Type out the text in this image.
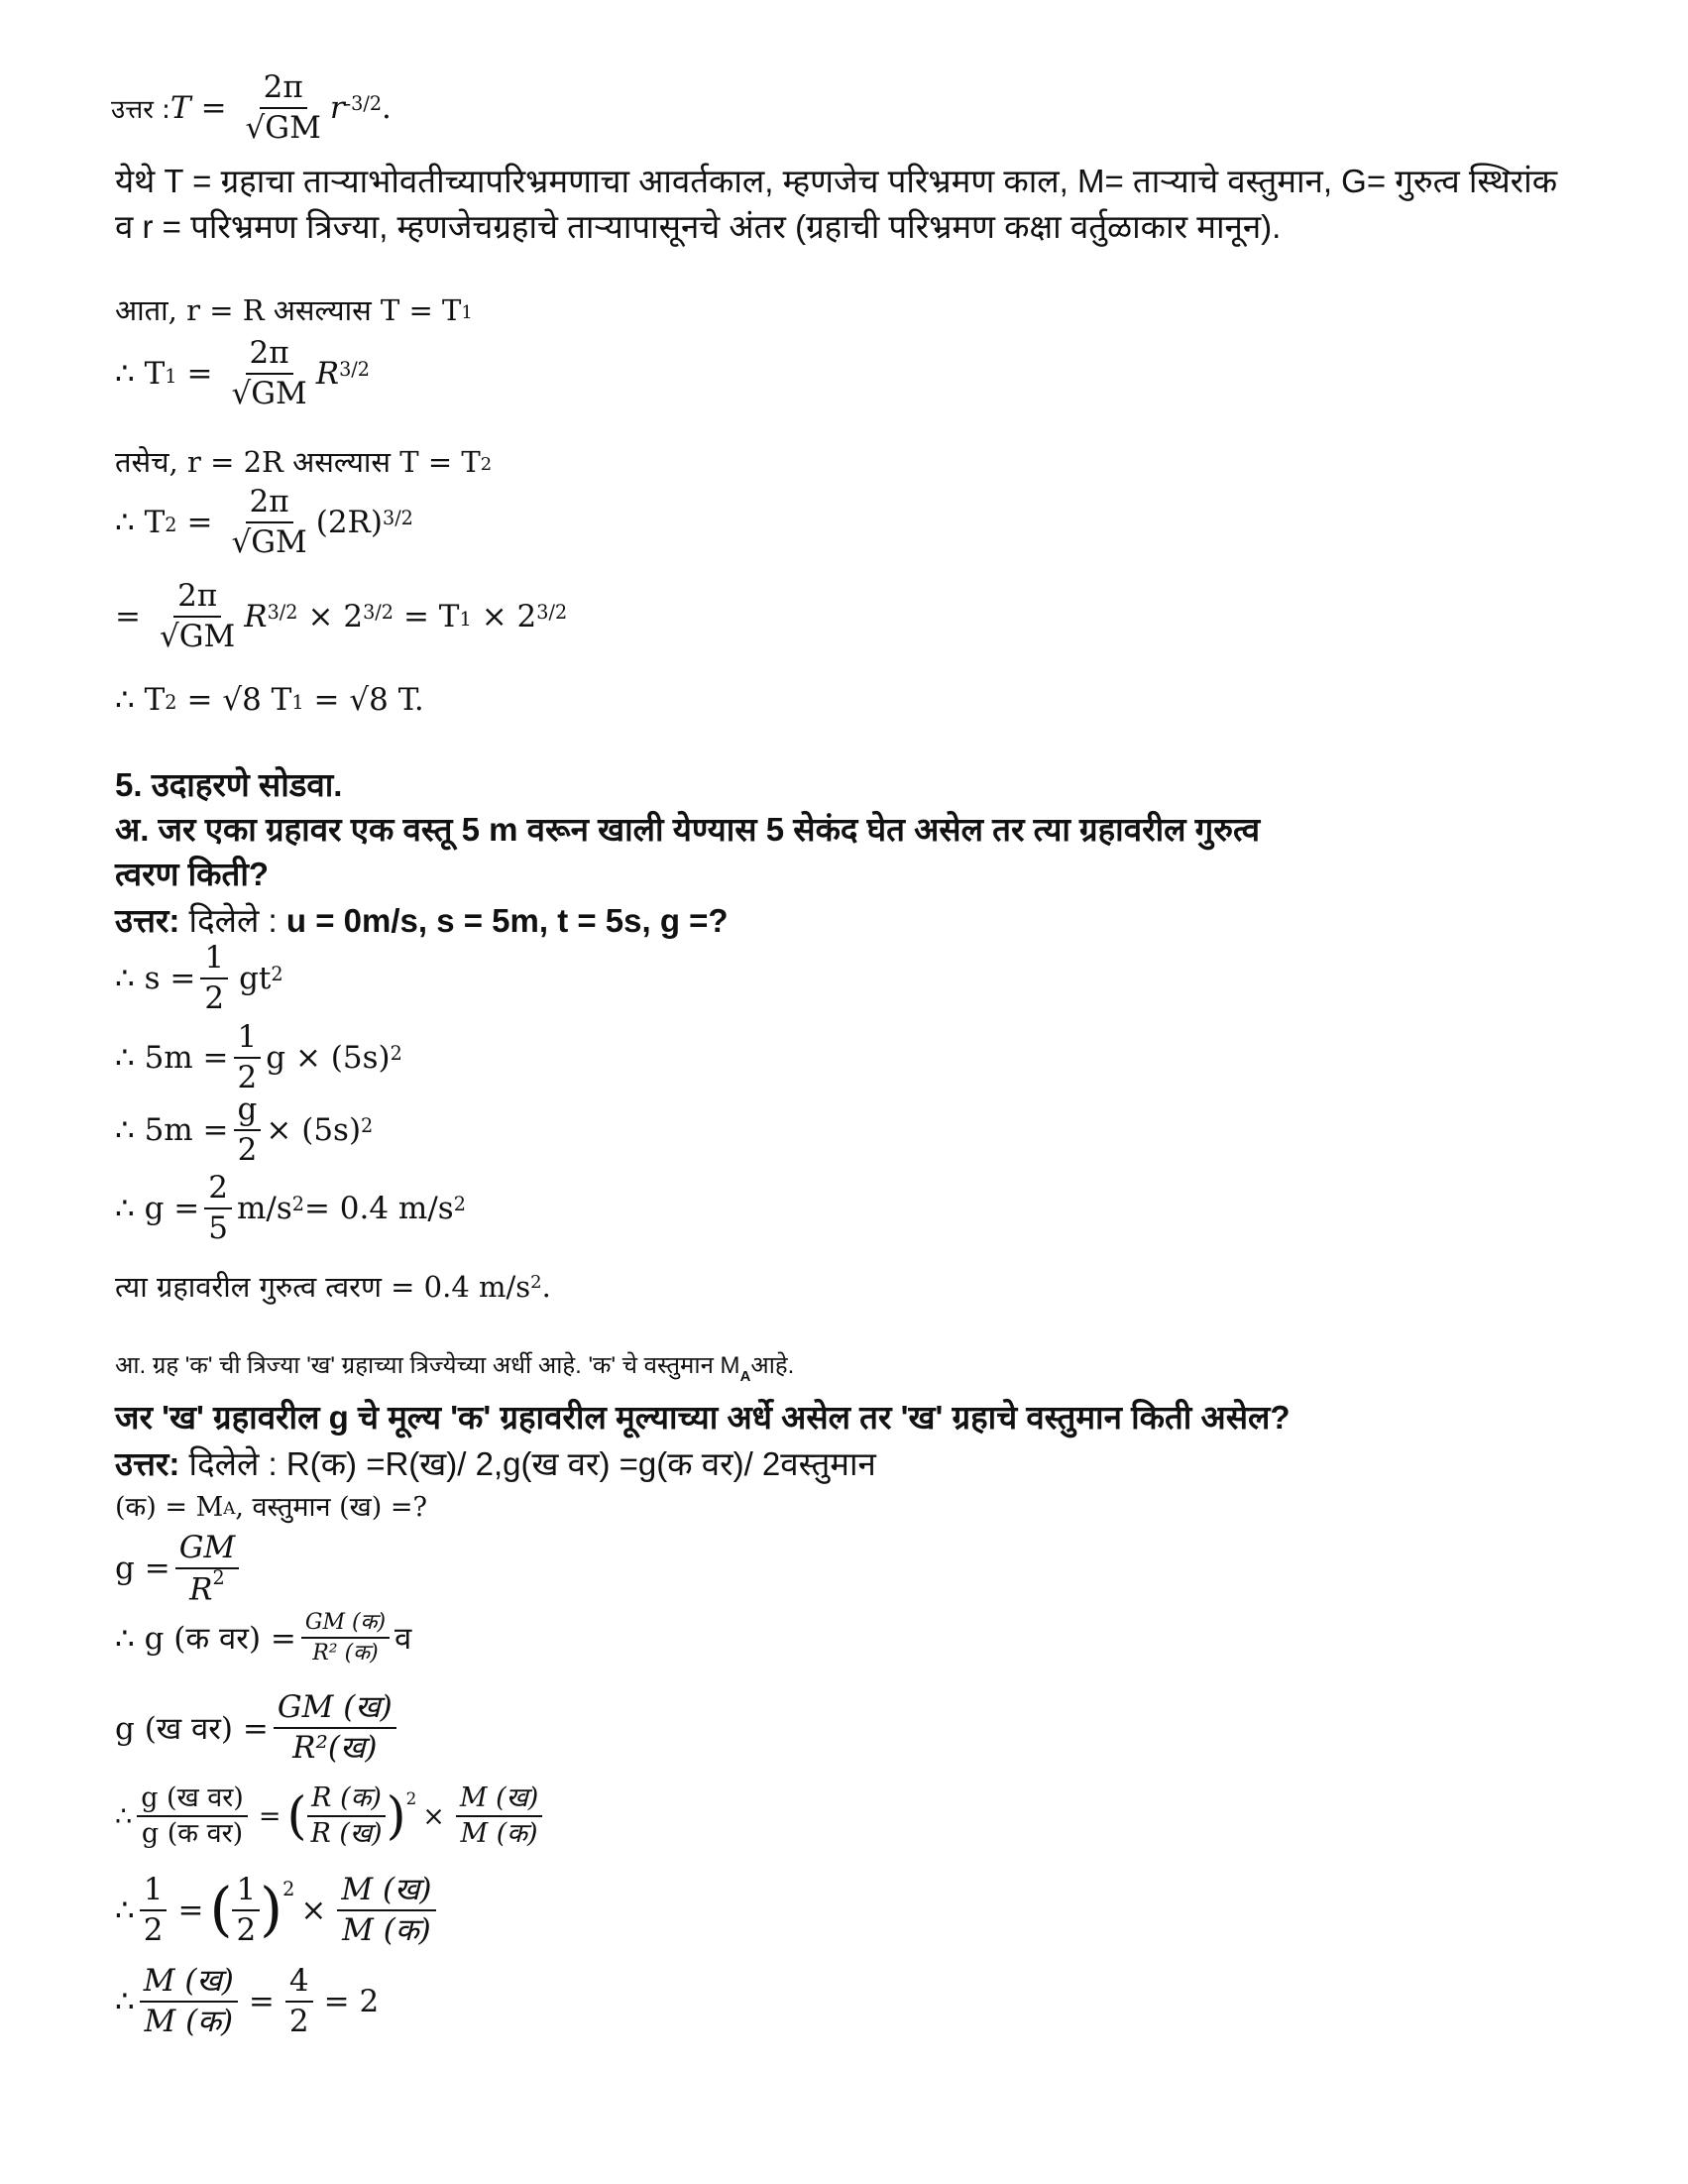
उत्तर : $T = \frac{2\pi}{√GM}$ r -3/2 .
येथे T = ग्रहाचा ताऱ्याभोवतीच्यापरिभ्रमणाचा आवर्तकाल, म्हणजेच परिभ्रमण काल, M= ताऱ्याचे वस्तुमान, G= गुरुत्व स्थिरांक व r = परिभ्रमण त्रिज्या, म्हणजेचग्रहाचे ताऱ्यापासूनचे अंतर (ग्रहाची परिभ्रमण कक्षा वर्तुळाकार मानून).
आता, r = R असल्यास T = T 1
∴ T $1 = \frac{2\pi}{√GM}$ R 3/2
तसेच, r = 2R असल्यास T = T 2
∴ T $2 = \frac{2\pi}{√GM} (2R)$ 3/2
= $\frac{2\pi}{√GM}$ R 3/2 × 2 3/2 = T 1 × 2 3/2
∴ T 2 = √8 T 1 = √8 T.
5. उदाहरणे सोडवा.
अ. जर एका ग्रहावर एक वस्तू 5 m वरून खाली येण्यास 5 सेकंद घेत असेल तर त्या ग्रहावरील गुरुत्व
त्वरण किती?
उत्तर: दिलेले : u = 0m/s, s = 5m, t = 5s, g =?
∴ $s = \frac{1}{2}$ gt 2
∴ $5m = \frac{1}{2}$ g × (5s) 2
∴ $5m = \frac{g}{2} \times (5s)$ 2
∴ $g = \frac{2}{5} m/s$ 2 = 0.4 m/s 2
त्या ग्रहावरील गुरुत्व त्वरण = 0.4 m/s 2 .
आ. ग्रह 'क' ची त्रिज्या 'ख' ग्रहाच्या त्रिज्येच्या अर्धी आहे. 'क' चे वस्तुमान $M_Aआहे$.
जर 'ख' ग्रहावरील g चे मूल्य 'क' ग्रहावरील मूल्याच्या अर्धे असेल तर 'ख' ग्रहाचे वस्तुमान किती असेल?
उत्तर: दिलेले : R(क) =R(ख)/ 2,g(ख वर) =g(क वर)/ 2वस्तुमान
(क) = M A , वस्तुमान (ख) =?
$g = \frac{GM}{R^2}$
∴ g (क वर) = $\frac{\text{GM (क)}}{\text{R² (क)}}$ व
g (ख वर) = $\frac{\text{GM (ख)}}{\text{R²(ख)}}$
∴ $\frac{\text{g (ख वर)}}{\text{g (क वर)}}$ = ( $\frac{\text{R (क)}}{\text{R (ख)}}$ ) 2
× $\frac{\text{M (ख)}}{\text{M (क)}}$
∴ $\frac{1}{2}$ = ( $\frac{1}{2}$ ) 2
× $\frac{\text{M (ख)}}{\text{M (क)}}$
∴ $\frac{\text{M (ख)}}{\text{M (क)}} = \frac{4}{2} = 2$
